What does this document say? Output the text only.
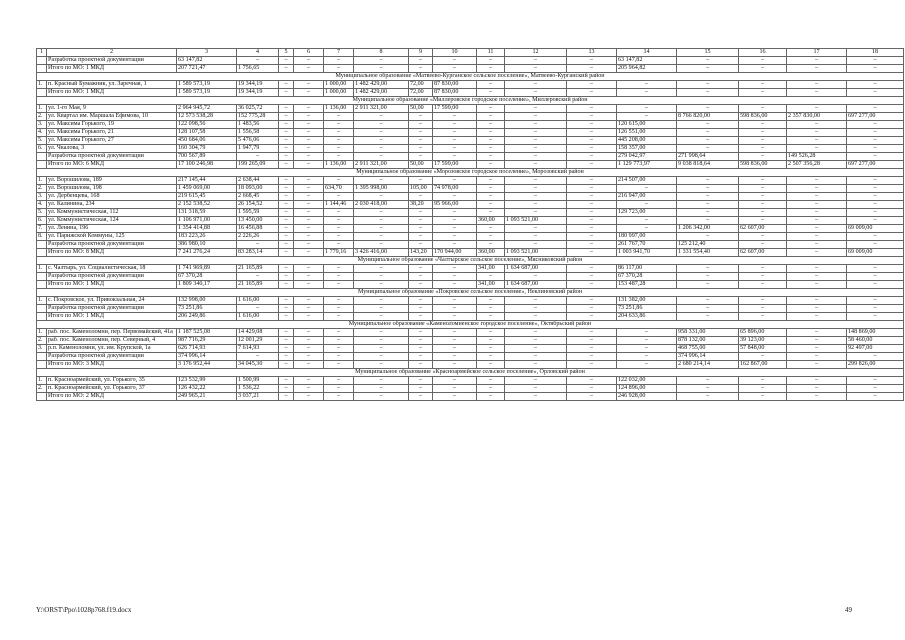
1	2	3	4	5	6	7	8	9	10	11	12	13	14	15	16	17	18
	Разработка проектной документации	63 147,82	–	–	–	–	–	–	–	–	–	–	63 147,82	–	–	–	–
	Итого по МО: 1 МКД	207 721,47	1 756,65	–	–	–	–	–	–	–	–	–	205 964,82	–	–	–	–
Муниципальное образование «Матвеево-Курганское сельское поселение», Матвеево-Курганский район																	
1.	п. Красный Бумажник, ул. Заречная, 1	1 589 573,19	19 344,19	–	–	1 000,00	1 482 429,00	72,00	87 830,00	–	–	–	–	–	–	–	–
	Итого по МО: 1 МКД	1 589 573,19	19 344,19	–	–	1 000,00	1 482 429,00	72,00	87 830,00	–	–	–	–	–	–	–	–
Муниципальное образование «Миллеровское городское поселение», Миллеровский район																	
1.	ул. 1-го Мая, 9	2 964 945,72	36 025,72	–	–	1 136,00	2 911 321,00	50,00	17 599,00	–	–	–	–	–	–	–	–
2.	ул. Квартал им. Маршала Ефимова, 10	12 573 538,28	152 775,28	–	–	–	–	–	–	–	–	–	–	8 766 820,00	598 836,00	2 357 830,00	697 277,00
3.	ул. Максима Горького, 19	122 098,56	1 483,56	–	–	–	–	–	–	–	–	–	120 615,00	–	–	–	–
4.	ул. Максима Горького, 21	128 107,58	1 556,58	–	–	–	–	–	–	–	–	–	126 551,00	–	–	–	–
5.	ул. Максима Горького, 27	450 684,06	5 476,06	–	–	–	–	–	–	–	–	–	445 208,00	–	–	–	–
6.	ул. Чкалова, 3	160 304,79	1 947,79	–	–	–	–	–	–	–	–	–	158 357,00	–	–	–	–
	Разработка проектной документации	700 567,89	–	–	–	–	–	–	–	–	–	–	279 042,97	271 998,64	–	149 526,28	–
	Итого по МО: 6 МКД	17 100 246,98	199 265,09	–	–	1 136,00	2 911 321,00	50,00	17 599,00	–	–	–	1 129 773,97	9 038 818,64	598 836,00	2 507 356,28	697 277,00
Муниципальное образование «Морозовское городское поселение», Морозовский район																	
1.	ул. Ворошилова, 189	217 145,44	2 638,44	–	–	–	–	–	–	–	–	–	214 507,00	–	–	–	–
2.	ул. Ворошилова, 198	1 459 069,00	18 093,00	–	–	634,70	1 395 998,00	105,00	74 978,00	–	–	–	–	–	–	–	–
3.	ул. Дербенцева, 168	219 615,45	2 668,45	–	–	–	–	–	–	–	–	–	216 947,00	–	–	–	–
4.	ул. Калинина, 234	2 152 538,52	26 154,52	–	–	1 144,46	2 030 418,00	38,20	95 966,00	–	–	–	–	–	–	–	–
5.	ул. Коммунистическая, 112	131 318,59	1 595,59	–	–	–	–	–	–	–	–	–	129 723,00	–	–	–	–
6.	ул. Коммунистическая, 124	1 106 971,00	13 450,00	–	–	–	–	–	–	360,00	1 093 521,00	–	–	–	–	–	–
7.	ул. Ленина, 196	1 354 414,88	16 456,88	–	–	–	–	–	–	–	–	–	–	1 206 342,00	62 607,00	–	69 009,00
8.	ул. Парижской Коммуны, 125	183 223,26	2 226,26	–	–	–	–	–	–	–	–	–	180 997,00	–	–	–	–
	Разработка проектной документации	386 980,10	–	–	–	–	–	–	–	–	–	–	261 767,70	125 212,40	–	–	–
	Итого по МО: 8 МКД	7 241 276,24	83 283,14	–	–	1 779,16	3 426 416,00	143,20	170 944,00	360,00	1 093 521,00	–	1 003 941,70	1 331 554,40	62 607,00	–	69 009,00
Муниципальное образование «Чалтырское сельское поселение», Мясниковский район																	
1.	с. Чалтырь, ул. Социалистическая, 18	1 741 969,89	21 165,89	–	–	–	–	–	–	341,00	1 634 687,00	–	86 117,00	–	–	–	–
	Разработка проектной документации	67 370,28	–	–	–	–	–	–	–	–	–	–	67 370,28	–	–	–	–
	Итого по МО: 1 МКД	1 809 340,17	21 165,89	–	–	–	–	–	–	341,00	1 634 687,00	–	153 487,28	–	–	–	–
Муниципальное образование «Покровское сельское поселение», Неклиновский район																	
1.	с. Покровское, ул. Привокзальная, 24	132 998,00	1 616,00	–	–	–	–	–	–	–	–	–	131 382,00	–	–	–	–
	Разработка проектной документации	73 251,86	–	–	–	–	–	–	–	–	–	–	73 251,86	–	–	–	–
	Итого по МО: 1 МКД	206 249,86	1 616,00	–	–	–	–	–	–	–	–	–	204 633,86	–	–	–	–
Муниципальное образование «Каменоломненское городское поселение», Октябрьский район																	
1.	раб. пос. Каменоломни, пер. Первомайский, 41а	1 187 525,08	14 429,08	–	–	–	–	–	–	–	–	–	–	958 331,00	65 896,00	–	148 869,00
2.	раб. пос. Каменоломни, пер. Северный, 4	987 716,29	12 001,29	–	–	–	–	–	–	–	–	–	–	878 132,00	39 123,00	–	58 460,00
3.	р.п. Каменоломни, ул. им. Крупской, 1а	626 714,93	7 614,93	–	–	–	–	–	–	–	–	–	–	468 755,00	57 848,00	–	92 497,00
	Разработка проектной документации	374 996,14	–	–	–	–	–	–	–	–	–	–	–	374 996,14	–	–	–
	Итого по МО: 3 МКД	3 176 952,44	34 045,30	–	–	–	–	–	–	–	–	–	–	2 680 214,14	162 867,00	–	299 826,00
Муниципальное образование «Красноармейское сельское поселение», Орловский район																	
1.	п. Красноармейский, ул. Горького, 35	123 532,99	1 500,99	–	–	–	–	–	–	–	–	–	122 032,00	–	–	–	–
2.	п. Красноармейский, ул. Горького, 37	126 432,22	1 536,22	–	–	–	–	–	–	–	–	–	124 896,00	–	–	–	–
	Итого по МО: 2 МКД	249 965,21	3 037,21	–	–	–	–	–	–	–	–	–	246 928,00	–	–	–	–
Y:\ORST\Ppo\1028p768.f19.docx	49
